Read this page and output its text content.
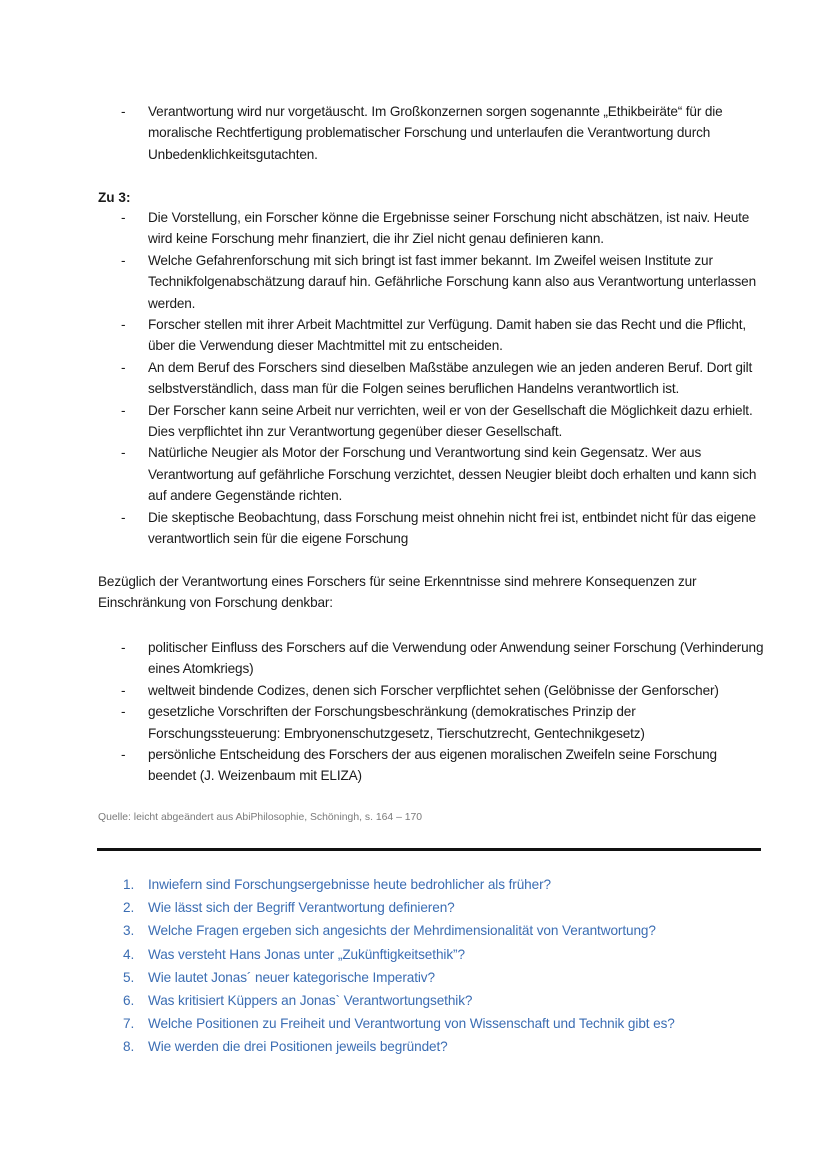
- Verantwortung wird nur vorgetäuscht. Im Großkonzernen sorgen sogenannte „Ethikbeiräte“ für die moralische Rechtfertigung problematischer Forschung und unterlaufen die Verantwortung durch Unbedenklichkeitsgutachten.
Zu 3:
- Die Vorstellung, ein Forscher könne die Ergebnisse seiner Forschung nicht abschätzen, ist naiv. Heute wird keine Forschung mehr finanziert, die ihr Ziel nicht genau definieren kann.
- Welche Gefahrenforschung mit sich bringt ist fast immer bekannt. Im Zweifel weisen Institute zur Technikfolgenabschätzung darauf hin. Gefährliche Forschung kann also aus Verantwortung unterlassen werden.
- Forscher stellen mit ihrer Arbeit Machtmittel zur Verfügung. Damit haben sie das Recht und die Pflicht, über die Verwendung dieser Machtmittel mit zu entscheiden.
- An dem Beruf des Forschers sind dieselben Maßstäbe anzulegen wie an jeden anderen Beruf. Dort gilt selbstverständlich, dass man für die Folgen seines beruflichen Handelns verantwortlich ist.
- Der Forscher kann seine Arbeit nur verrichten, weil er von der Gesellschaft die Möglichkeit dazu erhielt. Dies verpflichtet ihn zur Verantwortung gegenüber dieser Gesellschaft.
- Natürliche Neugier als Motor der Forschung und Verantwortung sind kein Gegensatz. Wer aus Verantwortung auf gefährliche Forschung verzichtet, dessen Neugier bleibt doch erhalten und kann sich auf andere Gegenstände richten.
- Die skeptische Beobachtung, dass Forschung meist ohnehin nicht frei ist, entbindet nicht für das eigene verantwortlich sein für die eigene Forschung

Bezüglich der Verantwortung eines Forschers für seine Erkenntnisse sind mehrere Konsequenzen zur Einschränkung von Forschung denkbar:

- politischer Einfluss des Forschers auf die Verwendung oder Anwendung seiner Forschung (Verhinderung eines Atomkriegs)
- weltweit bindende Codizes, denen sich Forscher verpflichtet sehen (Gelöbnisse der Genforscher)
- gesetzliche Vorschriften der Forschungsbeschränkung (demokratisches Prinzip der Forschungssteuerung: Embryonenschutzgesetz, Tierschutzrecht, Gentechnikgesetz)
- persönliche Entscheidung des Forschers der aus eigenen moralischen Zweifeln seine Forschung beendet (J. Weizenbaum mit ELIZA)
Quelle: leicht abgeändert aus AbiPhilosophie, Schöningh, s. 164 – 170
1. Inwiefern sind Forschungsergebnisse heute bedrohlicher als früher?
2. Wie lässt sich der Begriff Verantwortung definieren?
3. Welche Fragen ergeben sich angesichts der Mehrdimensionalität von Verantwortung?
4. Was versteht Hans Jonas unter „Zukünftigkeitsethik”?
5. Wie lautet Jonas´ neuer kategorische Imperativ?
6. Was kritisiert Küppers an Jonas` Verantwortungsethik?
7. Welche Positionen zu Freiheit und Verantwortung von Wissenschaft und Technik gibt es?
8. Wie werden die drei Positionen jeweils begründet?
